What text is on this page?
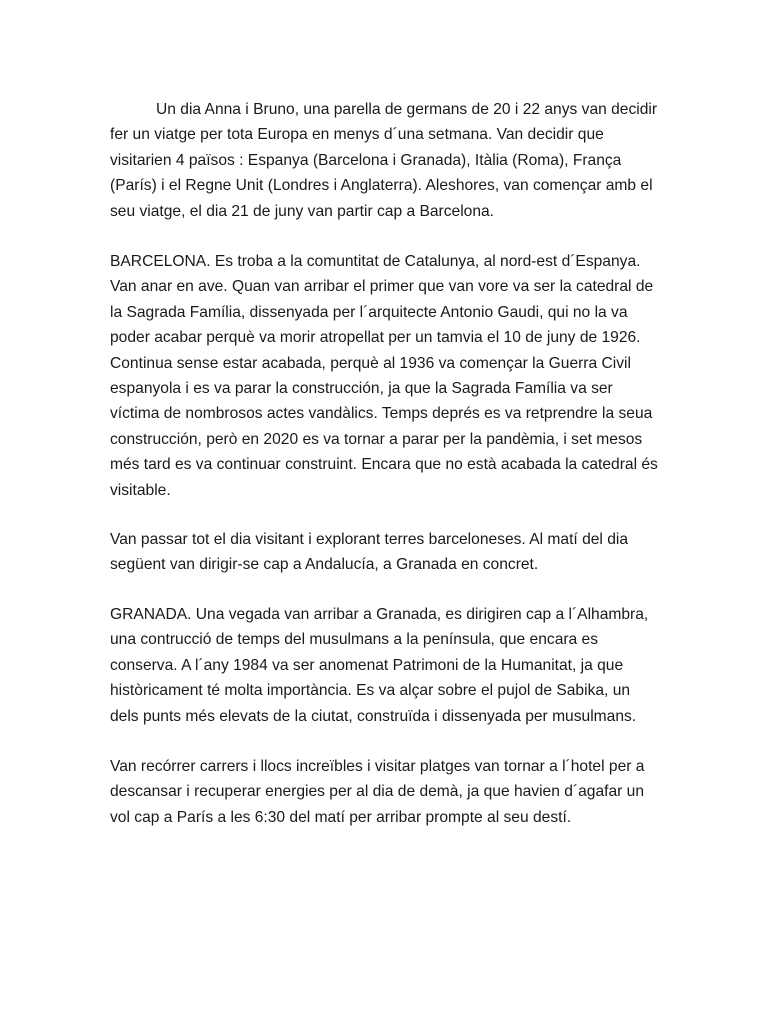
Un dia Anna i Bruno, una parella de germans de 20 i 22 anys van decidir
fer un viatge per tota Europa en menys d´una setmana. Van decidir que
visitarien 4 països : Espanya (Barcelona i Granada), Itàlia (Roma), França
(París) i el Regne Unit (Londres i Anglaterra). Aleshores, van començar amb el
seu viatge, el dia 21 de juny van partir cap a Barcelona.
BARCELONA. Es troba a la comuntitat de Catalunya, al nord-est d´Espanya.
Van anar en ave. Quan van arribar el primer que van vore va ser la catedral de
la Sagrada Família, dissenyada per l´arquitecte Antonio Gaudi, qui no la va
poder acabar perquè va morir atropellat per un tamvia el 10 de juny de 1926.
Continua sense estar acabada, perquè al 1936 va començar la Guerra Civil
espanyola i es va parar la construcción, ja que la Sagrada Família va ser
víctima de nombrosos actes vandàlics. Temps deprés es va retprendre la seua
construcción, però en 2020 es va tornar a parar per la pandèmia, i set mesos
més tard es va continuar construint. Encara que no està acabada la catedral és
visitable.
Van passar tot el dia visitant i explorant terres barceloneses. Al matí del dia
següent van dirigir-se cap a Andalucía, a Granada en concret.
GRANADA. Una vegada van arribar a Granada, es dirigiren cap a l´Alhambra,
una contrucció de temps del musulmans a la península, que encara es
conserva. A l´any 1984 va ser anomenat Patrimoni de la Humanitat, ja que
històricament té molta importància. Es va alçar sobre el pujol de Sabika, un
dels punts més elevats de la ciutat, construïda i dissenyada per musulmans.
Van recórrer carrers i llocs increïbles i visitar platges van tornar a l´hotel per a
descansar i recuperar energies per al dia de demà, ja que havien d´agafar un
vol cap a París a les 6:30 del matí per arribar prompte al seu destí.
